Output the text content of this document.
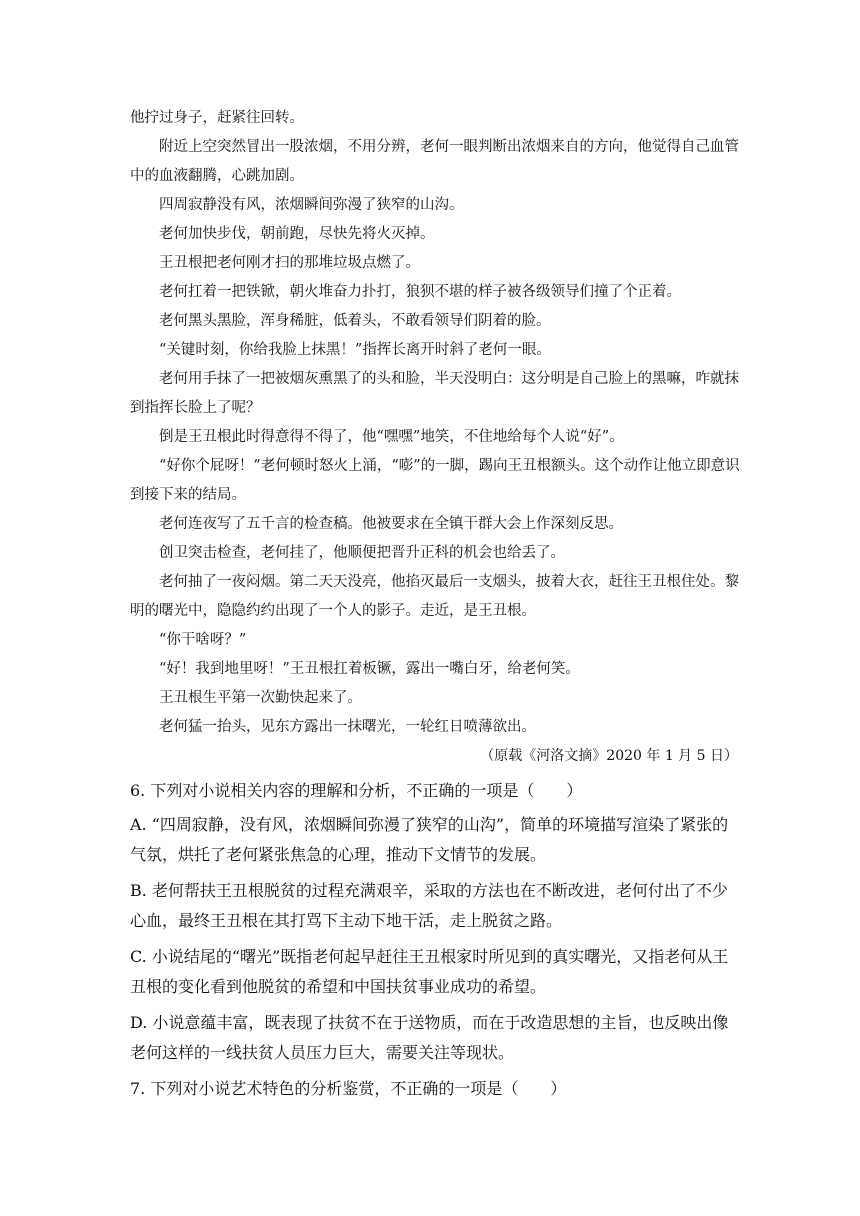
他拧过身子，赶紧往回转。

附近上空突然冒出一股浓烟，不用分辨，老何一眼判断出浓烟来自的方向，他觉得自己血管中的血液翻腾，心跳加剧。

四周寂静没有风，浓烟瞬间弥漫了狭窄的山沟。

老何加快步伐，朝前跑，尽快先将火灭掉。

王丑根把老何刚才扫的那堆垃圾点燃了。

老何扛着一把铁锨，朝火堆奋力扑打，狼狈不堪的样子被各级领导们撞了个正着。

老何黑头黑脸，浑身稀脏，低着头，不敢看领导们阴着的脸。

“关键时刻，你给我脸上抹黑！”指挥长离开时斜了老何一眼。

老何用手抹了一把被烟灰熏黑了的头和脸，半天没明白：这分明是自己脸上的黑嘛，咋就抹到指挥长脸上了呢？

倒是王丑根此时得意得不得了，他“嘿嘿”地笑，不住地给每个人说“好”。

“好你个屁呀！”老何顿时怒火上涌，“嘭”的一脚，踢向王丑根额头。这个动作让他立即意识到接下来的结局。

老何连夜写了五千言的检查稿。他被要求在全镇干群大会上作深刻反思。

创卫突击检查，老何挂了，他顺便把晋升正科的机会也给丢了。

老何抽了一夜闷烟。第二天天没亮，他掐灭最后一支烟头，披着大衣，赶往王丑根住处。黎明的曙光中，隐隐约约出现了一个人的影子。走近，是王丑根。

“你干啥呀？”

“好！我到地里呀！”王丑根扛着板镢，露出一嘴白牙，给老何笑。

王丑根生平第一次勤快起来了。

老何猛一抬头，见东方露出一抹曙光，一轮红日喷薄欲出。

（原载《河洛文摘》2020 年 1 月 5 日）

6. 下列对小说相关内容的理解和分析，不正确的一项是（　　）

A. “四周寂静，没有风，浓烟瞬间弥漫了狭窄的山沟”，简单的环境描写渲染了紧张的气氛，烘托了老何紧张焦急的心理，推动下文情节的发展。

B. 老何帮扶王丑根脱贫的过程充满艰辛，采取的方法也在不断改进，老何付出了不少心血，最终王丑根在其打骂下主动下地干活，走上脱贫之路。

C. 小说结尾的“曙光”既指老何起早赶往王丑根家时所见到的真实曙光，又指老何从王丑根的变化看到他脱贫的希望和中国扶贫事业成功的希望。

D. 小说意蕴丰富，既表现了扶贫不在于送物质，而在于改造思想的主旨，也反映出像老何这样的一线扶贫人员压力巨大，需要关注等现状。

7. 下列对小说艺术特色的分析鉴赏，不正确的一项是（　　）
